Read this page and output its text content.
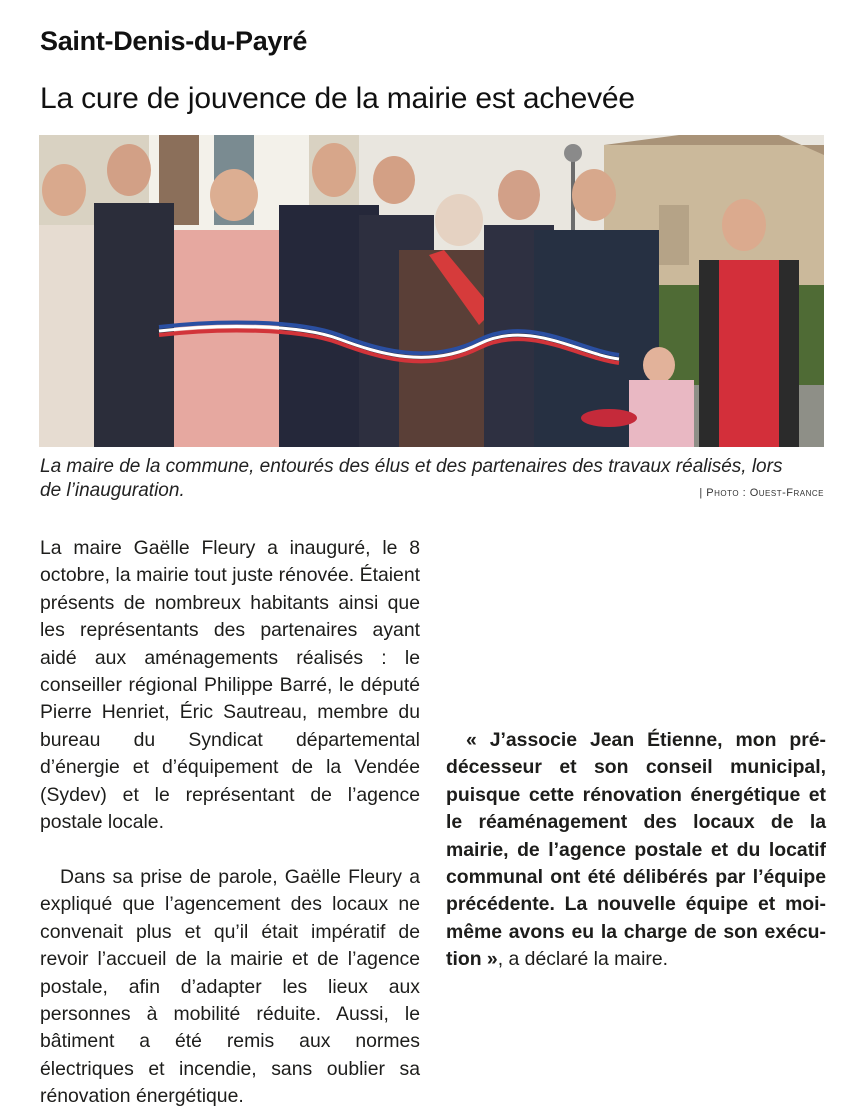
Saint-Denis-du-Payré
La cure de jouvence de la mairie est achevée
La maire de la commune, entourés des élus et des partenaires des travaux réalisés, lors de l’inauguration.	| Photo : Ouest-France

La maire Gaëlle Fleury a inauguré, le 8 octobre, la mairie tout juste rénovée. Étaient présents de nombreux habitants ainsi que les représentants des partenaires ayant aidé aux aménagements réalisés : le conseiller régional Philippe Barré, le député Pierre Henriet, Éric Sautreau, membre du bureau du Syndicat départemental d’énergie et d’équipement de la Vendée (Sydev) et le représentant de l’agence postale locale.

Dans sa prise de parole, Gaëlle Fleury a expliqué que l’agencement des locaux ne convenait plus et qu’il était impératif de revoir l’accueil de la mairie et de l’agence postale, afin d’adapter les lieux aux personnes à mobilité réduite. Aussi, le bâtiment a été remis aux normes électriques et incendie, sans oublier sa rénovation énergétique.

« J’associe Jean Étienne, mon prédécesseur et son conseil municipal, puisque cette rénovation énergétique et le réaménagement des locaux de la mairie, de l’agence postale et du locatif communal ont été délibérés par l’équipe précédente. La nouvelle équipe et moi-même avons eu la charge de son exécution », a déclaré la maire.
